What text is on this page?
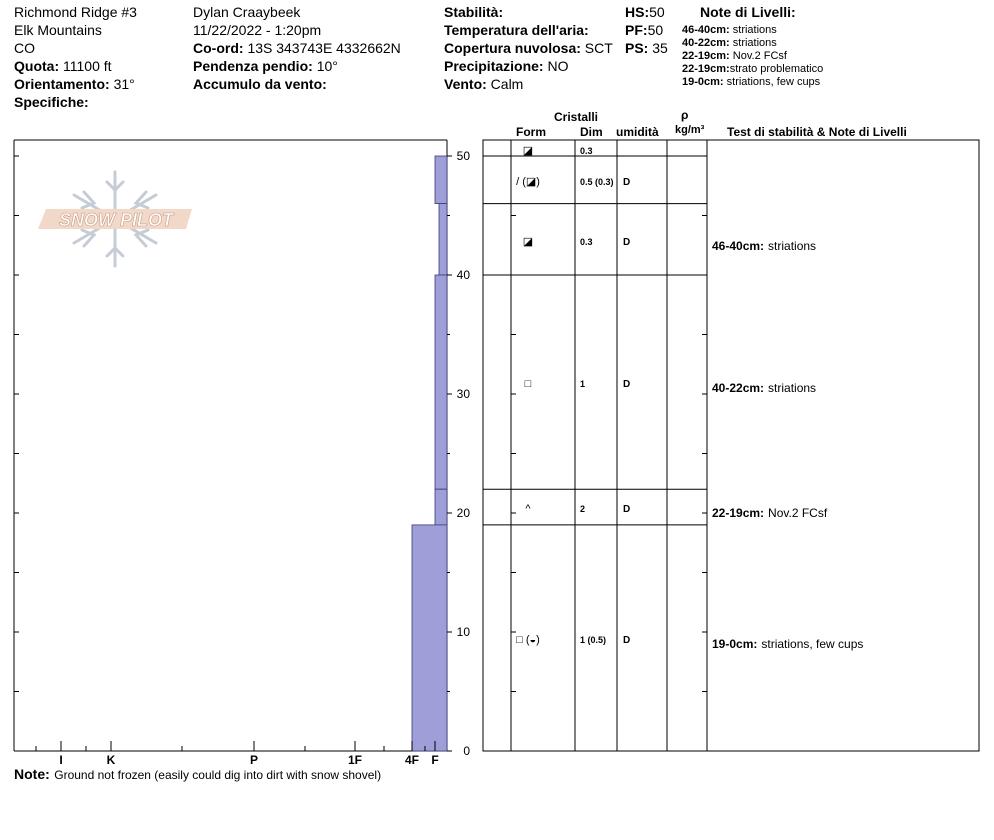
Richmond Ridge #3
Elk Mountains
CO
Quota: 11100 ft
Orientamento: 31°
Specifiche:
Dylan Craaybeek
11/22/2022 - 1:20pm
Co-ord: 13S 343743E 4332662N
Pendenza pendio: 10°
Accumulo da vento:
Stabilità:
Temperatura dell'aria:
Copertura nuvolosa: SCT
Precipitazione: NO
Vento: Calm
HS:50
PF:50
PS: 35
Note di Livelli:
46-40cm: striations
40-22cm: striations
22-19cm: Nov.2 FCsf
22-19cm:strato problematico
19-0cm: striations, few cups
Cristalli
Form	Dim umidità
ρ
kg/m³ Test di stabilità & Note di Livelli
Note: Ground not frozen (easily could dig into dirt with snow shovel)
SNOW PILOT
0
10
20
30
40
50
I	K	P	1F	4F F
◪	0.3
/ (◪)	0.5 (0.3) D
◪	0.3	D
□	1	D
^	2	D
□ (◒)	1 (0.5) D
46-40cm: striations
40-22cm: striations
22-19cm: Nov.2 FCsf
19-0cm: striations, few cups
